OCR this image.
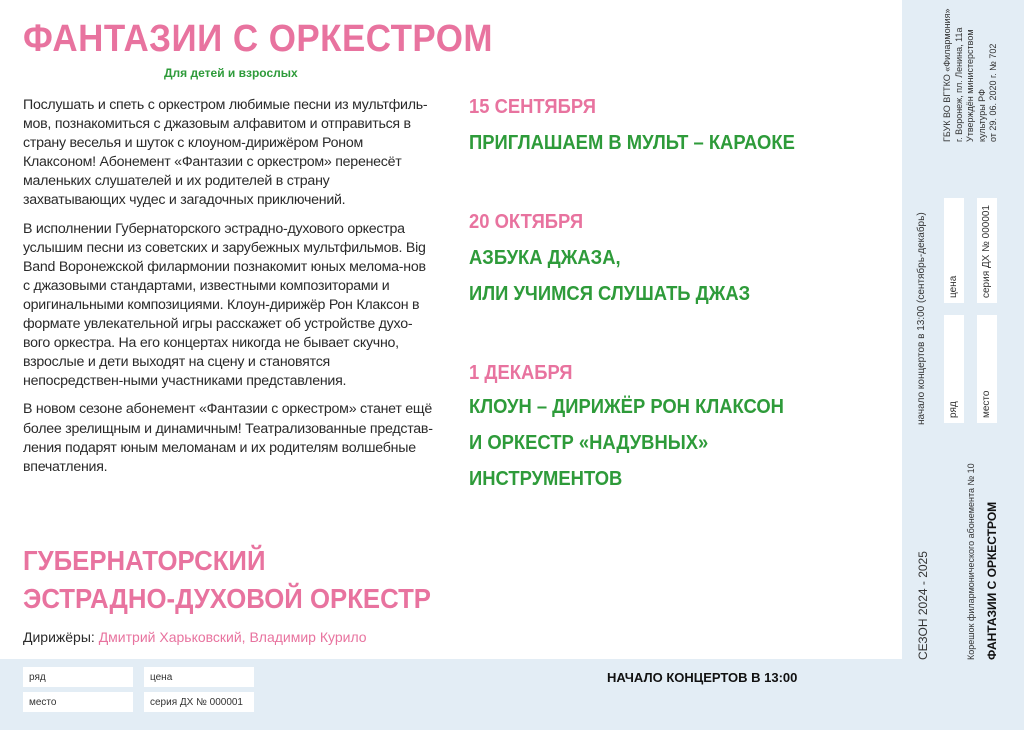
ФАНТАЗИИ С ОРКЕСТРОМ
Для детей и взрослых

Послушать и спеть с оркестром любимые песни из мультфиль-мов, познакомиться с джазовым алфавитом и отправиться в страну веселья и шуток с клоуном-дирижёром Роном Клаксоном! Абонемент «Фантазии с оркестром» перенесёт маленьких слушателей и их родителей в страну захватывающих чудес и загадочных приключений.

В исполнении Губернаторского эстрадно-духового оркестра услышим песни из советских и зарубежных мультфильмов. Big Band Воронежской филармонии познакомит юных мелома-нов с джазовыми стандартами, известными композиторами и оригинальными композициями. Клоун-дирижёр Рон Клаксон в формате увлекательной игры расскажет об устройстве духо-вого оркестра. На его концертах никогда не бывает скучно, взрослые и дети выходят на сцену и становятся непосредствен-ными участниками представления.

В новом сезоне абонемент «Фантазии с оркестром» станет ещё более зрелищным и динамичным! Театрализованные представ-ления подарят юным меломанам и их родителям волшебные впечатления.

ГУБЕРНАТОРСКИЙ
ЭСТРАДНО-ДУХОВОЙ ОРКЕСТР
Дирижёры: Дмитрий Харьковский, Владимир Курило
15 СЕНТЯБРЯ
ПРИГЛАШАЕМ В МУЛЬТ – КАРАОКЕ
20 ОКТЯБРЯ
АЗБУКА ДЖАЗА,
ИЛИ УЧИМСЯ СЛУШАТЬ ДЖАЗ
1 ДЕКАБРЯ
КЛОУН – ДИРИЖЁР РОН КЛАКСОН
И ОРКЕСТР «НАДУВНЫХ»
ИНСТРУМЕНТОВ
ряд	цена
место	серия ДХ № 000001
НАЧАЛО КОНЦЕРТОВ В 13:00
ГБУК ВО ВГТКО «Филармония» г. Воронеж, пл. Ленина, 11а Утверждён министерством культуры РФ от 29. 06. 2020 г. № 702
начало концертов в 13:00 (сентябрь-декабрь) цена
ряд
серия ДХ № 000001
место
СЕЗОН 2024 - 2025	Корешок филармонического абонемента № 10 ФАНТАЗИИ С ОРКЕСТРОМ
